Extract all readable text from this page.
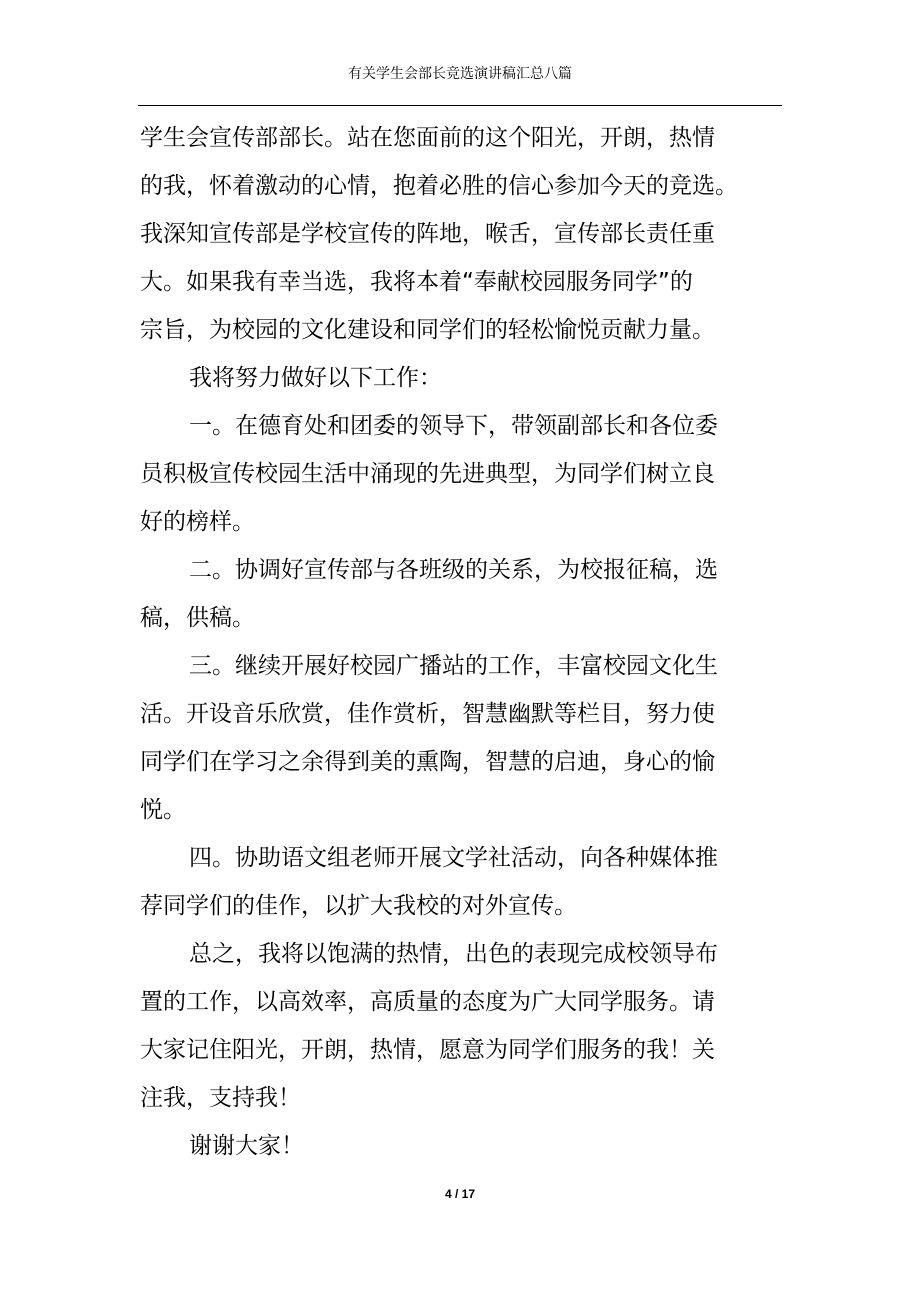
有关学生会部长竞选演讲稿汇总八篇
学生会宣传部部长。站在您面前的这个阳光，开朗，热情
的我，怀着激动的心情，抱着必胜的信心参加今天的竞选。
我深知宣传部是学校宣传的阵地，喉舌，宣传部长责任重
大。如果我有幸当选，我将本着“奉献校园服务同学”的
宗旨，为校园的文化建设和同学们的轻松愉悦贡献力量。
我将努力做好以下工作：
一。在德育处和团委的领导下，带领副部长和各位委
员积极宣传校园生活中涌现的先进典型，为同学们树立良
好的榜样。
二。协调好宣传部与各班级的关系，为校报征稿，选
稿，供稿。
三。继续开展好校园广播站的工作，丰富校园文化生
活。开设音乐欣赏，佳作赏析，智慧幽默等栏目，努力使
同学们在学习之余得到美的熏陶，智慧的启迪，身心的愉
悦。
四。协助语文组老师开展文学社活动，向各种媒体推
荐同学们的佳作，以扩大我校的对外宣传。
总之，我将以饱满的热情，出色的表现完成校领导布
置的工作，以高效率，高质量的态度为广大同学服务。请
大家记住阳光，开朗，热情，愿意为同学们服务的我！关
注我，支持我！
谢谢大家！
4 / 17
